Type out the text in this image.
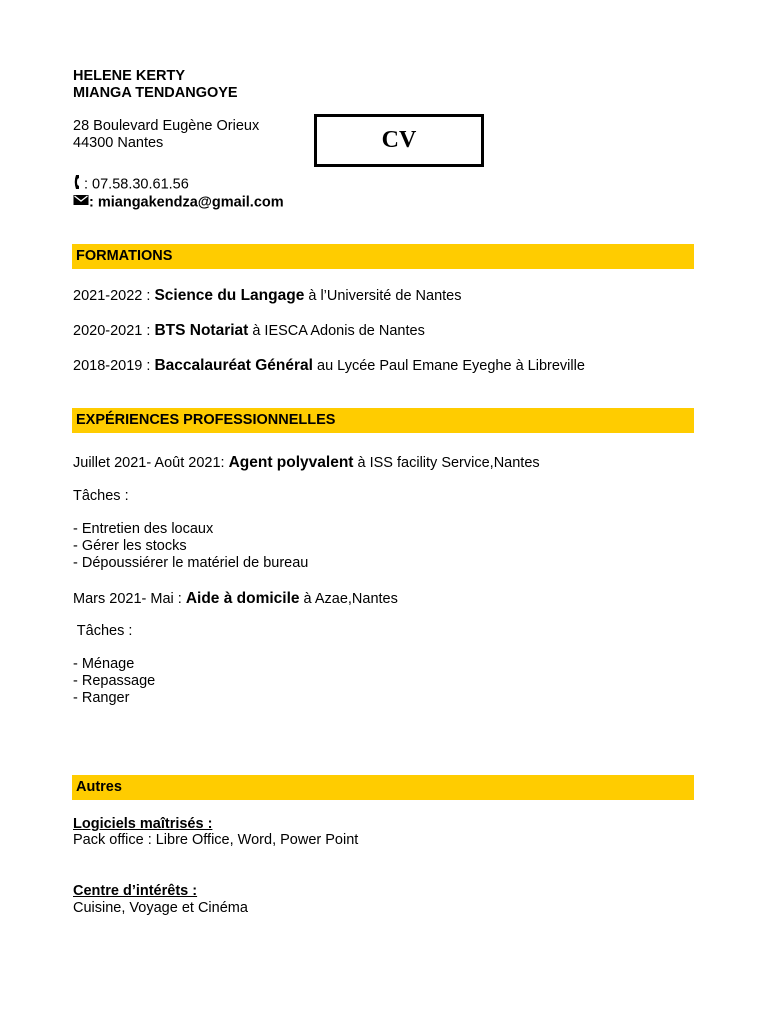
HELENE KERTY
MIANGA TENDANGOYE
28 Boulevard Eugène Orieux
44300 Nantes
: 07.58.30.61.56
: miangakendza@gmail.com
CV
FORMATIONS
2021-2022 : Science du Langage à l’Université de Nantes
2020-2021 : BTS Notariat à IESCA Adonis de Nantes
2018-2019 : Baccalauréat Général au Lycée Paul Emane Eyeghe à Libreville
EXPÉRIENCES PROFESSIONNELLES
Juillet 2021- Août 2021: Agent polyvalent à ISS facility Service,Nantes
Tâches :
- Entretien des locaux
- Gérer les stocks
- Dépoussiérer le matériel de bureau
Mars 2021- Mai : Aide à domicile à Azae,Nantes
Tâches :
- Ménage
- Repassage
- Ranger
Autres
Logiciels maîtrisés :
Pack office : Libre Office, Word, Power Point
Centre d’intérêts :
Cuisine, Voyage et Cinéma
